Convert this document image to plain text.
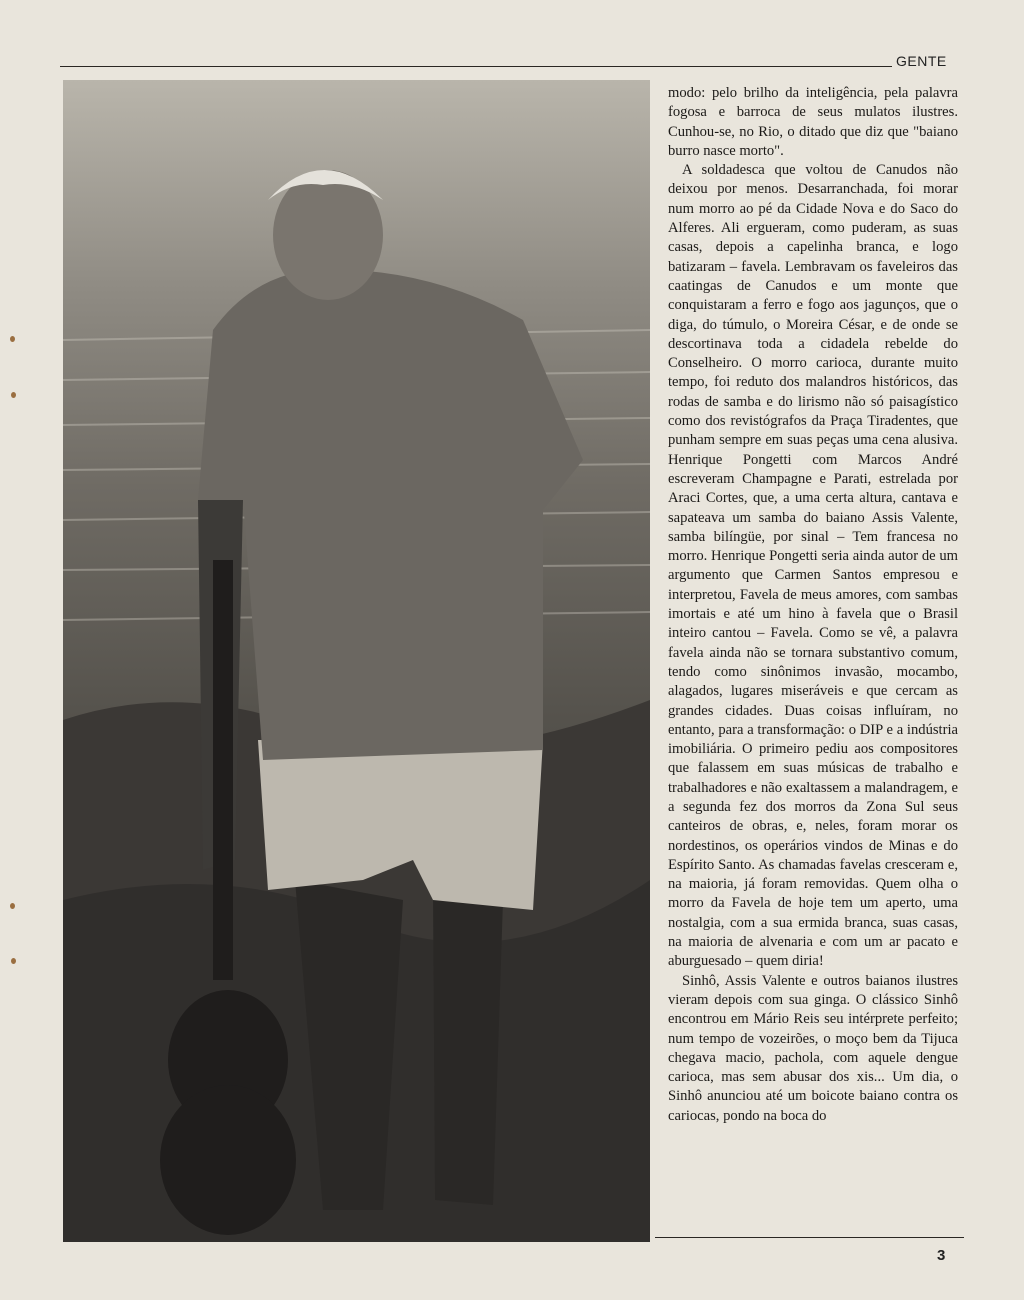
GENTE

modo: pelo brilho da inteligência, pela palavra fogosa e barroca de seus mulatos ilustres. Cunhou-se, no Rio, o ditado que diz que "baiano burro nasce morto".

A soldadesca que voltou de Canudos não deixou por menos. Desarranchada, foi morar num morro ao pé da Cidade Nova e do Saco do Alferes. Ali ergueram, como puderam, as suas casas, depois a capelinha branca, e logo batizaram – favela. Lembravam os faveleiros das caatingas de Canudos e um monte que conquistaram a ferro e fogo aos jagunços, que o diga, do túmulo, o Moreira César, e de onde se descortinava toda a cidadela rebelde do Conselheiro. O morro carioca, durante muito tempo, foi reduto dos malandros históricos, das rodas de samba e do lirismo não só paisagístico como dos revistógrafos da Praça Tiradentes, que punham sempre em suas peças uma cena alusiva. Henrique Pongetti com Marcos André escreveram Champagne e Parati, estrelada por Araci Cortes, que, a uma certa altura, cantava e sapateava um samba do baiano Assis Valente, samba bilíngüe, por sinal – Tem francesa no morro. Henrique Pongetti seria ainda autor de um argumento que Carmen Santos empresou e interpretou, Favela de meus amores, com sambas imortais e até um hino à favela que o Brasil inteiro cantou – Favela. Como se vê, a palavra favela ainda não se tornara substantivo comum, tendo como sinônimos invasão, mocambo, alagados, lugares miseráveis e que cercam as grandes cidades. Duas coisas influíram, no entanto, para a transformação: o DIP e a indústria imobiliária. O primeiro pediu aos compositores que falassem em suas músicas de trabalho e trabalhadores e não exaltassem a malandragem, e a segunda fez dos morros da Zona Sul seus canteiros de obras, e, neles, foram morar os nordestinos, os operários vindos de Minas e do Espírito Santo. As chamadas favelas cresceram e, na maioria, já foram removidas. Quem olha o morro da Favela de hoje tem um aperto, uma nostalgia, com a sua ermida branca, suas casas, na maioria de alvenaria e com um ar pacato e aburguesado – quem diria!

Sinhô, Assis Valente e outros baianos ilustres vieram depois com sua ginga. O clássico Sinhô encontrou em Mário Reis seu intérprete perfeito; num tempo de vozeirões, o moço bem da Tijuca chegava macio, pachola, com aquele dengue carioca, mas sem abusar dos xis... Um dia, o Sinhô anunciou até um boicote baiano contra os cariocas, pondo na boca do

3
